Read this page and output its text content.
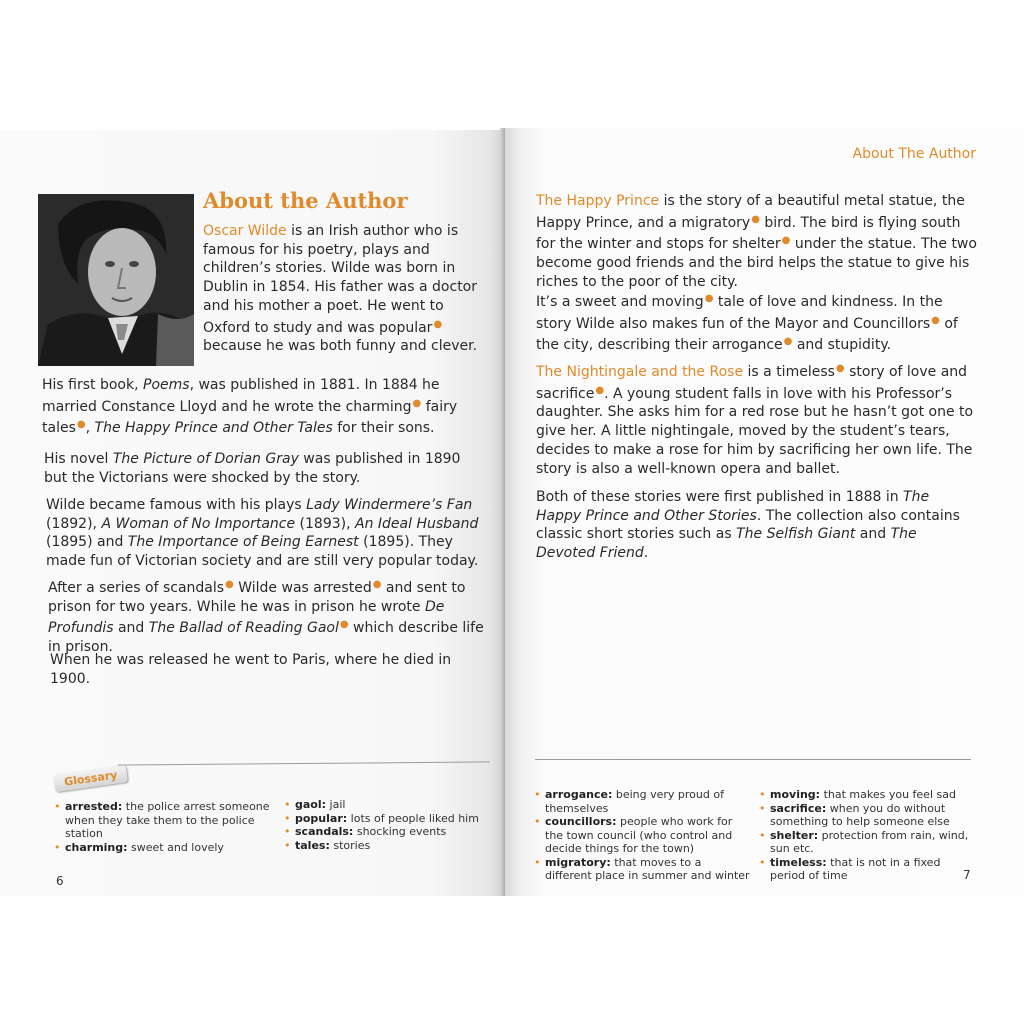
About the Author

Oscar Wilde is an Irish author who is famous for his poetry, plays and children’s stories. Wilde was born in Dublin in 1854. His father was a doctor and his mother a poet. He went to Oxford to study and was popular● because he was both funny and clever.

His first book, Poems, was published in 1881. In 1884 he married Constance Lloyd and he wrote the charming● fairy tales●, The Happy Prince and Other Tales for their sons.

His novel The Picture of Dorian Gray was published in 1890 but the Victorians were shocked by the story.

Wilde became famous with his plays Lady Windermere’s Fan (1892), A Woman of No Importance (1893), An Ideal Husband (1895) and The Importance of Being Earnest (1895). They made fun of Victorian society and are still very popular today.

After a series of scandals● Wilde was arrested● and sent to prison for two years. While he was in prison he wrote De Profundis and The Ballad of Reading Gaol● which describe life in prison.

When he was released he went to Paris, where he died in 1900.

Glossary
• arrested: the police arrest someone when they take them to the police station
• charming: sweet and lovely
• gaol: jail
• popular: lots of people liked him
• scandals: shocking events
• tales: stories

6

About The Author

The Happy Prince is the story of a beautiful metal statue, the Happy Prince, and a migratory● bird. The bird is flying south for the winter and stops for shelter● under the statue. The two become good friends and the bird helps the statue to give his riches to the poor of the city.

It’s a sweet and moving● tale of love and kindness. In the story Wilde also makes fun of the Mayor and Councillors● of the city, describing their arrogance● and stupidity.

The Nightingale and the Rose is a timeless● story of love and sacrifice●. A young student falls in love with his Professor’s daughter. She asks him for a red rose but he hasn’t got one to give her. A little nightingale, moved by the student’s tears, decides to make a rose for him by sacrificing her own life. The story is also a well-known opera and ballet.

Both of these stories were first published in 1888 in The Happy Prince and Other Stories. The collection also contains classic short stories such as The Selfish Giant and The Devoted Friend.

• arrogance: being very proud of themselves
• councillors: people who work for the town council (who control and decide things for the town)
• migratory: that moves to a different place in summer and winter
• moving: that makes you feel sad
• sacrifice: when you do without something to help someone else
• shelter: protection from rain, wind, sun etc.
• timeless: that is not in a fixed period of time	7
